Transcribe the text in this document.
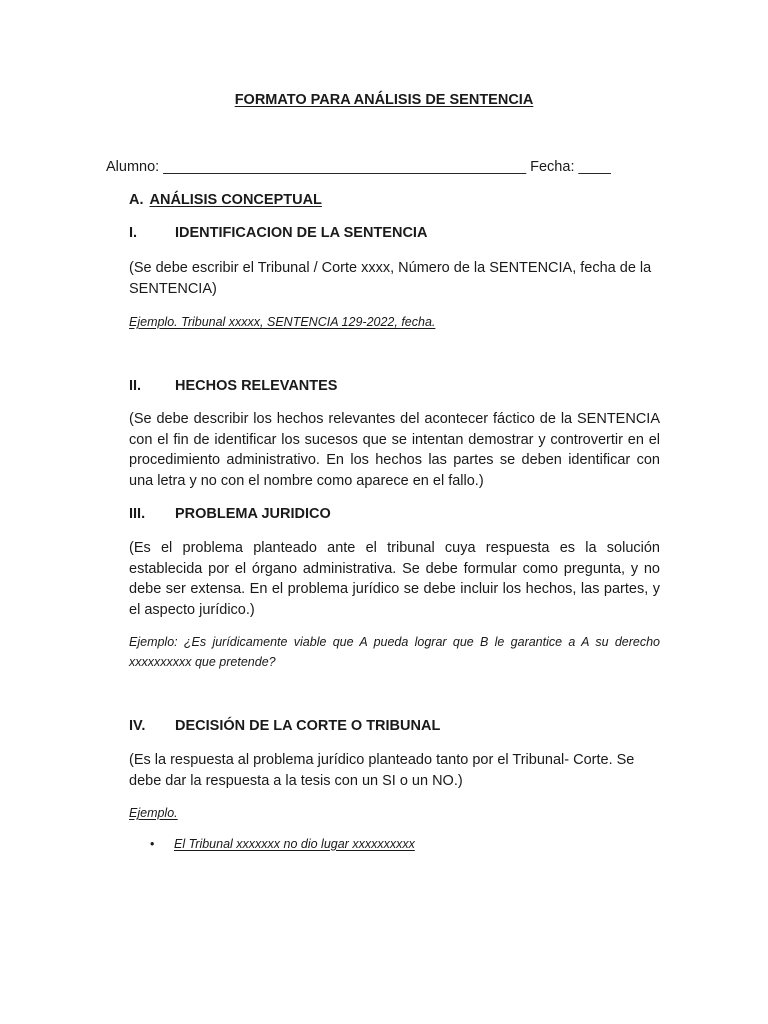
FORMATO PARA ANÁLISIS DE SENTENCIA
Alumno: _____________________________________________ Fecha: ____
A. ANÁLISIS CONCEPTUAL
I.	IDENTIFICACION DE LA SENTENCIA
(Se debe escribir el Tribunal / Corte xxxx, Número de la SENTENCIA, fecha de la SENTENCIA)
Ejemplo. Tribunal xxxxx, SENTENCIA 129-2022, fecha.
II. HECHOS RELEVANTES
(Se debe describir los hechos relevantes del acontecer fáctico de la SENTENCIA con el fin de identificar los sucesos que se intentan demostrar y controvertir en el procedimiento administrativo. En los hechos las partes se deben identificar con una letra y no con el nombre como aparece en el fallo.)
III. PROBLEMA JURIDICO
(Es el problema planteado ante el tribunal cuya respuesta es la solución establecida por el órgano administrativa. Se debe formular como pregunta, y no debe ser extensa. En el problema jurídico se debe incluir los hechos, las partes, y el aspecto jurídico.)
Ejemplo: ¿Es jurídicamente viable que A pueda lograr que B le garantice a A su derecho xxxxxxxxxx que pretende?
IV. DECISIÓN DE LA CORTE O TRIBUNAL
(Es la respuesta al problema jurídico planteado tanto por el Tribunal- Corte. Se debe dar la respuesta a la tesis con un SI o un NO.)
Ejemplo.
• El Tribunal xxxxxxx no dio lugar xxxxxxxxxx
